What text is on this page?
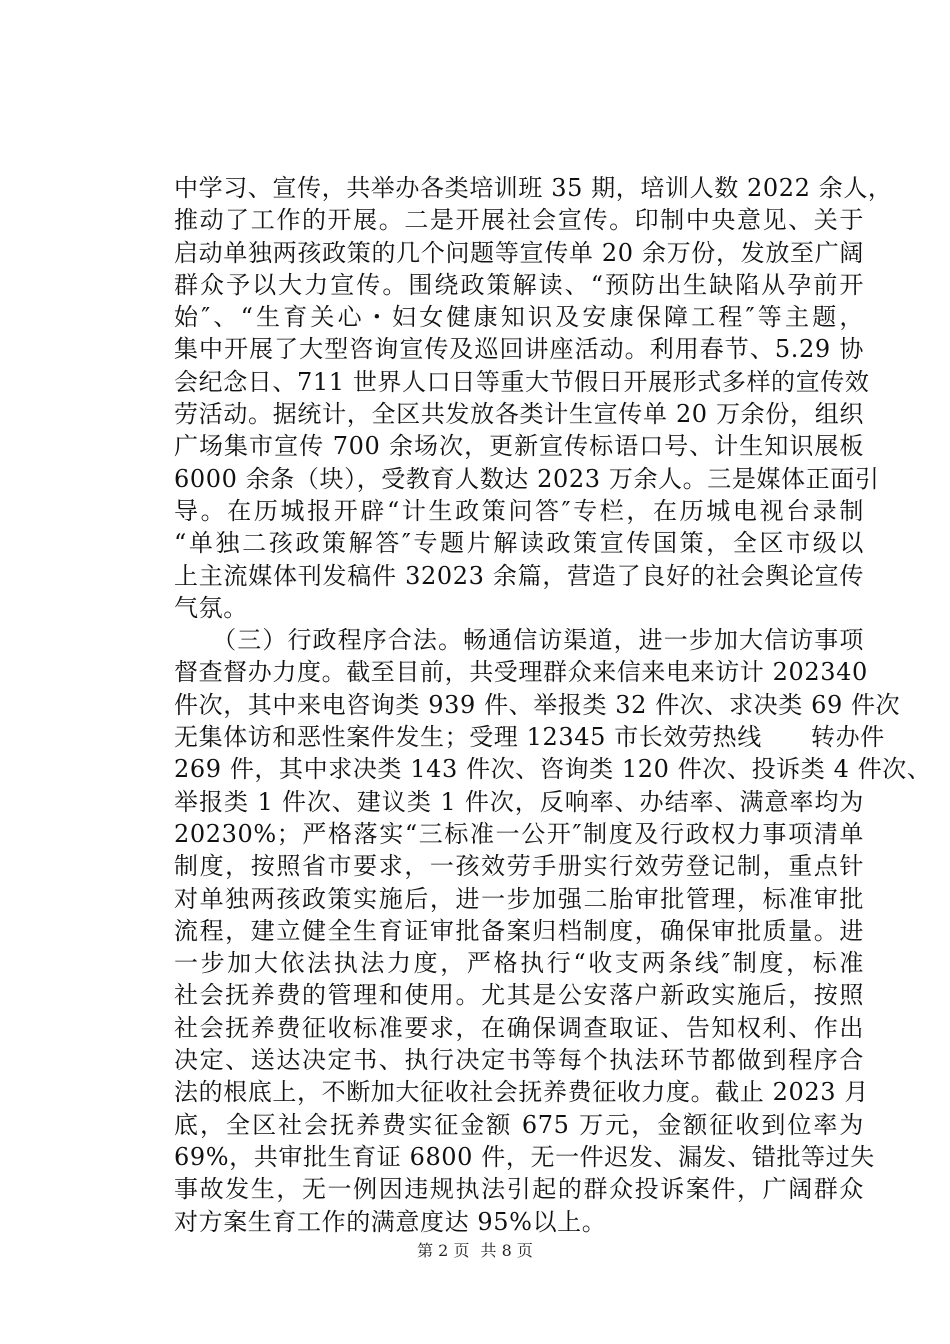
中学习、宣传，共举办各类培训班 35 期，培训人数 2022 余人，
推动了工作的开展。二是开展社会宣传。印制中央意见、关于
启动单独两孩政策的几个问题等宣传单 20 余万份，发放至广阔
群众予以大力宣传。围绕政策解读、“预防出生缺陷从孕前开
始″、“生育关心・妇女健康知识及安康保障工程″等主题，
集中开展了大型咨询宣传及巡回讲座活动。利用春节、5.29 协
会纪念日、711 世界人口日等重大节假日开展形式多样的宣传效
劳活动。据统计，全区共发放各类计生宣传单 20 万余份，组织
广场集市宣传 700 余场次，更新宣传标语口号、计生知识展板
6000 余条（块），受教育人数达 2023 万余人。三是媒体正面引
导。在历城报开辟“计生政策问答″专栏，在历城电视台录制
“单独二孩政策解答″专题片解读政策宣传国策，全区市级以
上主流媒体刊发稿件 32023 余篇，营造了良好的社会舆论宣传
气氛。
　　（三）行政程序合法。畅通信访渠道，进一步加大信访事项
督查督办力度。截至目前，共受理群众来信来电来访计 202340
件次，其中来电咨询类 939 件、举报类 32 件次、求决类 69 件次
无集体访和恶性案件发生；受理 12345 市长效劳热线　　转办件
269 件，其中求决类 143 件次、咨询类 120 件次、投诉类 4 件次、
举报类 1 件次、建议类 1 件次，反响率、办结率、满意率均为
20230%；严格落实“三标准一公开″制度及行政权力事项清单
制度，按照省市要求，一孩效劳手册实行效劳登记制，重点针
对单独两孩政策实施后，进一步加强二胎审批管理，标准审批
流程，建立健全生育证审批备案归档制度，确保审批质量。进
一步加大依法执法力度，严格执行“收支两条线″制度，标准
社会抚养费的管理和使用。尤其是公安落户新政实施后，按照
社会抚养费征收标准要求，在确保调查取证、告知权利、作出
决定、送达决定书、执行决定书等每个执法环节都做到程序合
法的根底上，不断加大征收社会抚养费征收力度。截止 2023 月
底，全区社会抚养费实征金额 675 万元，金额征收到位率为
69%，共审批生育证 6800 件，无一件迟发、漏发、错批等过失
事故发生，无一例因违规执法引起的群众投诉案件，广阔群众
对方案生育工作的满意度达 95%以上。
第 2 页 共 8 页
